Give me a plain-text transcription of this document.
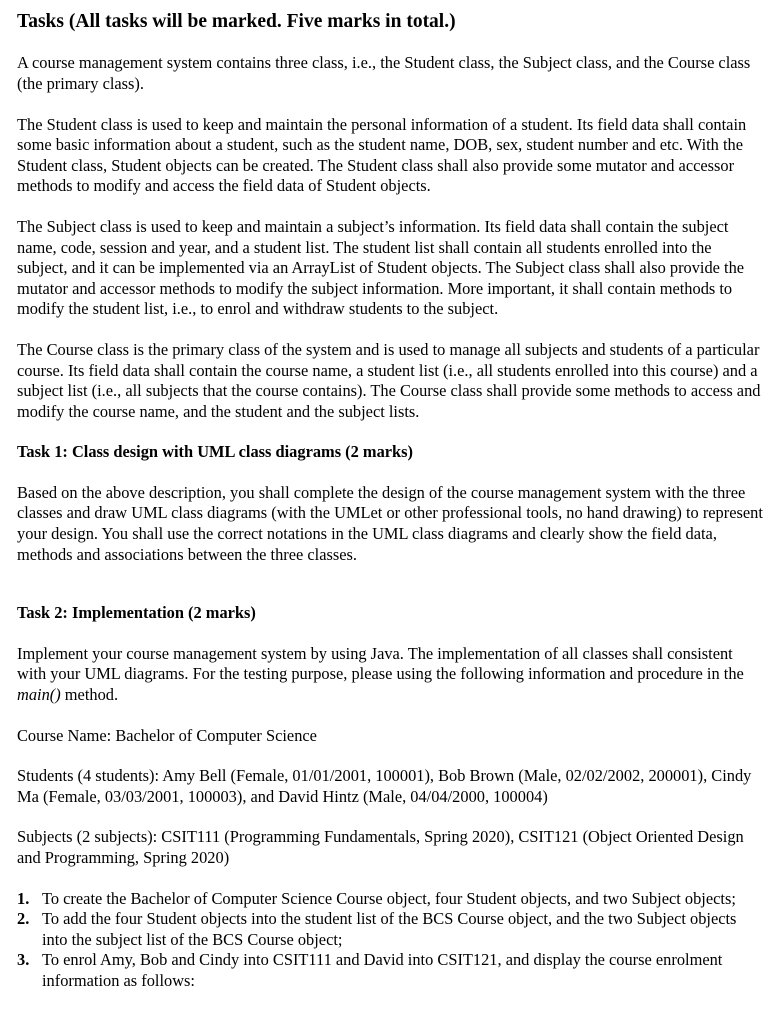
Tasks (All tasks will be marked. Five marks in total.)

A course management system contains three class, i.e., the Student class, the Subject class, and the Course class (the primary class).

The Student class is used to keep and maintain the personal information of a student. Its field data shall contain some basic information about a student, such as the student name, DOB, sex, student number and etc. With the Student class, Student objects can be created. The Student class shall also provide some mutator and accessor methods to modify and access the field data of Student objects.

The Subject class is used to keep and maintain a subject’s information. Its field data shall contain the subject name, code, session and year, and a student list. The student list shall contain all students enrolled into the subject, and it can be implemented via an ArrayList of Student objects. The Subject class shall also provide the mutator and accessor methods to modify the subject information. More important, it shall contain methods to modify the student list, i.e., to enrol and withdraw students to the subject.

The Course class is the primary class of the system and is used to manage all subjects and students of a particular course. Its field data shall contain the course name, a student list (i.e., all students enrolled into this course) and a subject list (i.e., all subjects that the course contains). The Course class shall provide some methods to access and modify the course name, and the student and the subject lists.

Task 1: Class design with UML class diagrams (2 marks)

Based on the above description, you shall complete the design of the course management system with the three classes and draw UML class diagrams (with the UMLet or other professional tools, no hand drawing) to represent your design. You shall use the correct notations in the UML class diagrams and clearly show the field data, methods and associations between the three classes.

Task 2: Implementation (2 marks)

Implement your course management system by using Java. The implementation of all classes shall consistent with your UML diagrams. For the testing purpose, please using the following information and procedure in the main() method.

Course Name: Bachelor of Computer Science

Students (4 students): Amy Bell (Female, 01/01/2001, 100001), Bob Brown (Male, 02/02/2002, 200001), Cindy Ma (Female, 03/03/2001, 100003), and David Hintz (Male, 04/04/2000, 100004)

Subjects (2 subjects): CSIT111 (Programming Fundamentals, Spring 2020), CSIT121 (Object Oriented Design and Programming, Spring 2020)

1. To create the Bachelor of Computer Science Course object, four Student objects, and two Subject objects;
2. To add the four Student objects into the student list of the BCS Course object, and the two Subject objects into the subject list of the BCS Course object;
3. To enrol Amy, Bob and Cindy into CSIT111 and David into CSIT121, and display the course enrolment information as follows:
